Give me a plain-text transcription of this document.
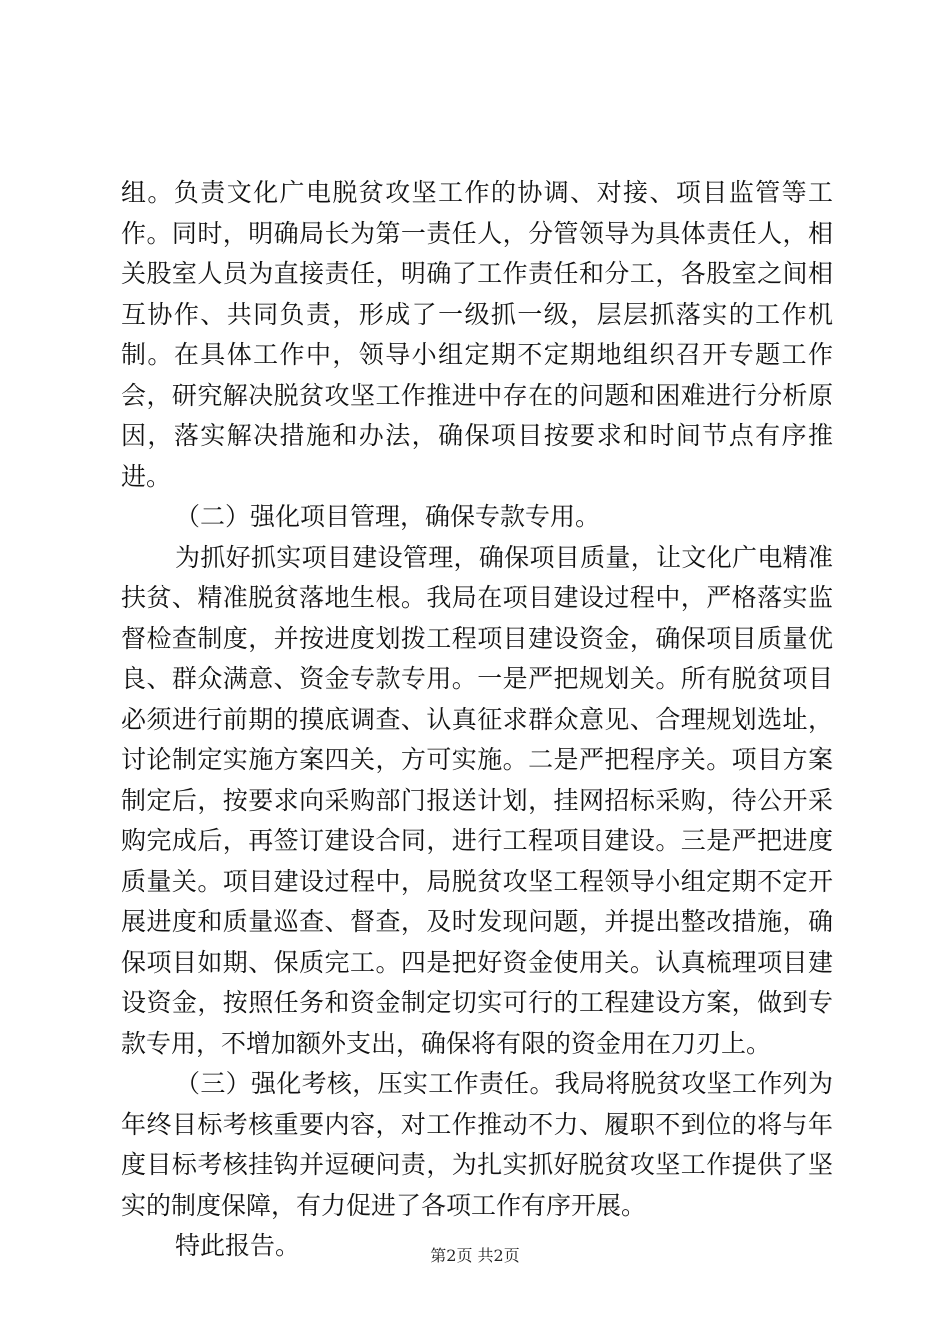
组。负责文化广电脱贫攻坚工作的协调、对接、项目监管等工作。同时，明确局长为第一责任人，分管领导为具体责任人，相关股室人员为直接责任，明确了工作责任和分工，各股室之间相互协作、共同负责，形成了一级抓一级，层层抓落实的工作机制。在具体工作中，领导小组定期不定期地组织召开专题工作会，研究解决脱贫攻坚工作推进中存在的问题和困难进行分析原因，落实解决措施和办法，确保项目按要求和时间节点有序推进。

（二）强化项目管理，确保专款专用。

为抓好抓实项目建设管理，确保项目质量，让文化广电精准扶贫、精准脱贫落地生根。我局在项目建设过程中，严格落实监督检查制度，并按进度划拨工程项目建设资金，确保项目质量优良、群众满意、资金专款专用。一是严把规划关。所有脱贫项目必须进行前期的摸底调查、认真征求群众意见、合理规划选址，讨论制定实施方案四关，方可实施。二是严把程序关。项目方案制定后，按要求向采购部门报送计划，挂网招标采购，待公开采购完成后，再签订建设合同，进行工程项目建设。三是严把进度质量关。项目建设过程中，局脱贫攻坚工程领导小组定期不定开展进度和质量巡查、督查，及时发现问题，并提出整改措施，确保项目如期、保质完工。四是把好资金使用关。认真梳理项目建设资金，按照任务和资金制定切实可行的工程建设方案，做到专款专用，不增加额外支出，确保将有限的资金用在刀刃上。

（三）强化考核，压实工作责任。我局将脱贫攻坚工作列为年终目标考核重要内容，对工作推动不力、履职不到位的将与年度目标考核挂钩并逗硬问责，为扎实抓好脱贫攻坚工作提供了坚实的制度保障，有力促进了各项工作有序开展。

特此报告。	第2页 共2页
